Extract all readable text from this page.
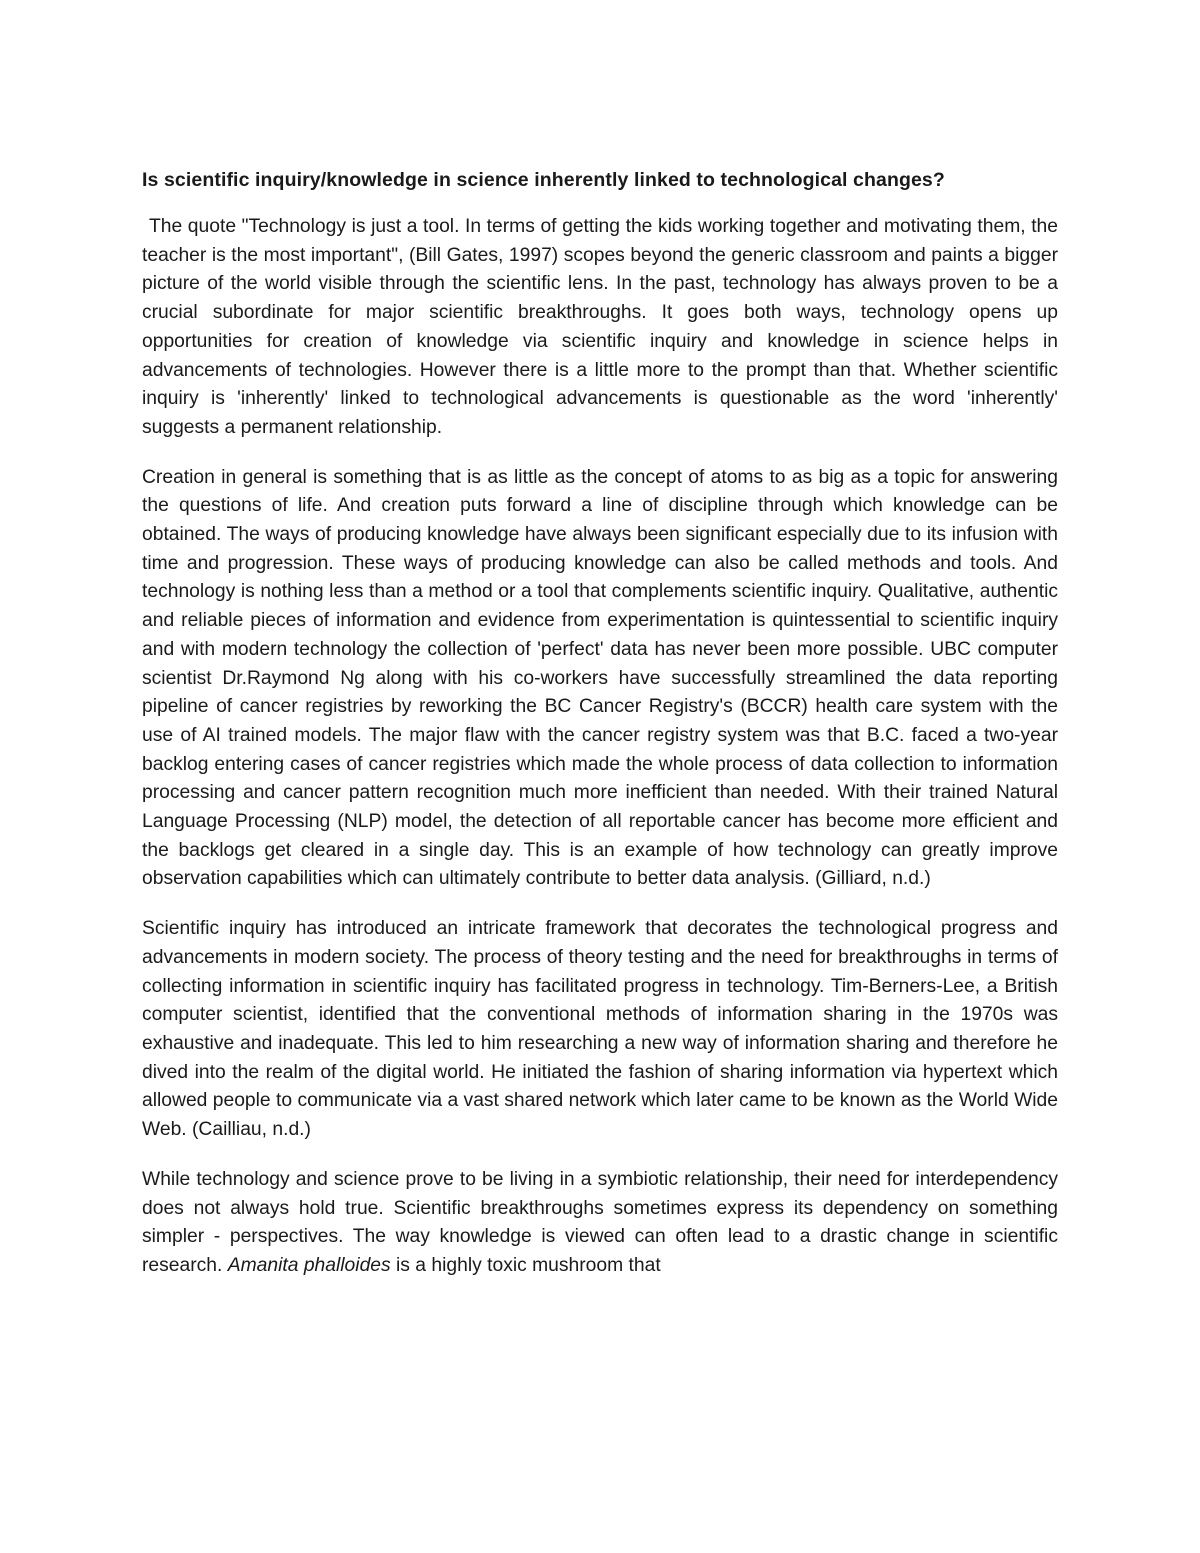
Is scientific inquiry/knowledge in science inherently linked to technological changes?

The quote "Technology is just a tool. In terms of getting the kids working together and motivating them, the teacher is the most important", (Bill Gates, 1997) scopes beyond the generic classroom and paints a bigger picture of the world visible through the scientific lens. In the past, technology has always proven to be a crucial subordinate for major scientific breakthroughs. It goes both ways, technology opens up opportunities for creation of knowledge via scientific inquiry and knowledge in science helps in advancements of technologies. However there is a little more to the prompt than that. Whether scientific inquiry is 'inherently' linked to technological advancements is questionable as the word 'inherently' suggests a permanent relationship.

Creation in general is something that is as little as the concept of atoms to as big as a topic for answering the questions of life. And creation puts forward a line of discipline through which knowledge can be obtained. The ways of producing knowledge have always been significant especially due to its infusion with time and progression. These ways of producing knowledge can also be called methods and tools. And technology is nothing less than a method or a tool that complements scientific inquiry. Qualitative, authentic and reliable pieces of information and evidence from experimentation is quintessential to scientific inquiry and with modern technology the collection of 'perfect' data has never been more possible. UBC computer scientist Dr.Raymond Ng along with his co-workers have successfully streamlined the data reporting pipeline of cancer registries by reworking the BC Cancer Registry's (BCCR) health care system with the use of AI trained models. The major flaw with the cancer registry system was that B.C. faced a two-year backlog entering cases of cancer registries which made the whole process of data collection to information processing and cancer pattern recognition much more inefficient than needed. With their trained Natural Language Processing (NLP) model, the detection of all reportable cancer has become more efficient and the backlogs get cleared in a single day. This is an example of how technology can greatly improve observation capabilities which can ultimately contribute to better data analysis. (Gilliard, n.d.)

Scientific inquiry has introduced an intricate framework that decorates the technological progress and advancements in modern society. The process of theory testing and the need for breakthroughs in terms of collecting information in scientific inquiry has facilitated progress in technology. Tim-Berners-Lee, a British computer scientist, identified that the conventional methods of information sharing in the 1970s was exhaustive and inadequate. This led to him researching a new way of information sharing and therefore he dived into the realm of the digital world. He initiated the fashion of sharing information via hypertext which allowed people to communicate via a vast shared network which later came to be known as the World Wide Web. (Cailliau, n.d.)

While technology and science prove to be living in a symbiotic relationship, their need for interdependency does not always hold true. Scientific breakthroughs sometimes express its dependency on something simpler - perspectives. The way knowledge is viewed can often lead to a drastic change in scientific research. Amanita phalloides is a highly toxic mushroom that
